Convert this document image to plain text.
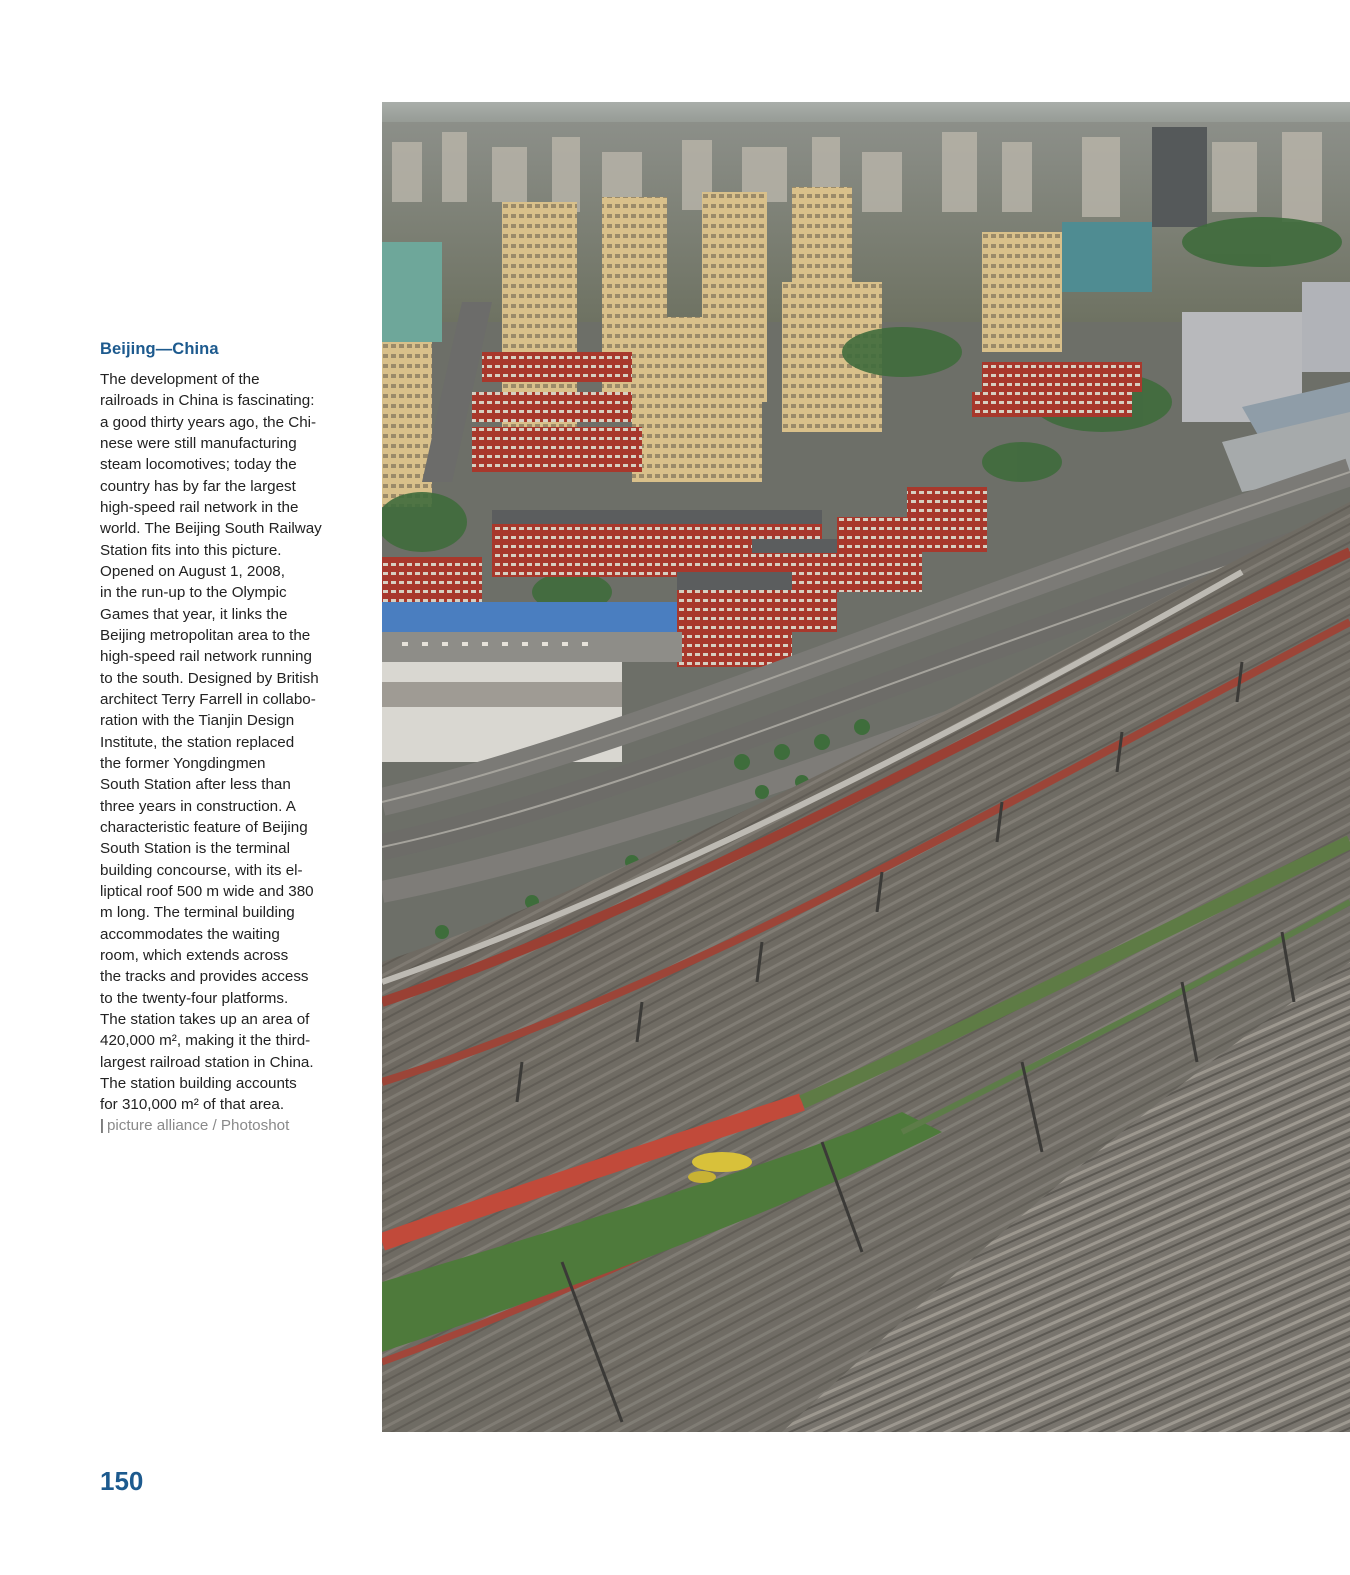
Beijing—China

The development of the
railroads in China is fascinating:
a good thirty years ago, the Chi-
nese were still manufacturing
steam locomotives; today the
country has by far the largest
high-speed rail network in the
world. The Beijing South Railway
Station fits into this picture.
Opened on August 1, 2008,
in the run-up to the Olympic
Games that year, it links the
Beijing metropolitan area to the
high-speed rail network running
to the south. Designed by British
architect Terry Farrell in collabo-
ration with the Tianjin Design
Institute, the station replaced
the former Yongdingmen
South Station after less than
three years in construction. A
characteristic feature of Beijing
South Station is the terminal
building concourse, with its el-
liptical roof 500 m wide and 380
m long. The terminal building
accommodates the waiting
room, which extends across
the tracks and provides access
to the twenty-four platforms.
The station takes up an area of
420,000 m², making it the third-
largest railroad station in China.
The station building accounts
for 310,000 m² of that area.
| picture alliance / Photoshot

150
